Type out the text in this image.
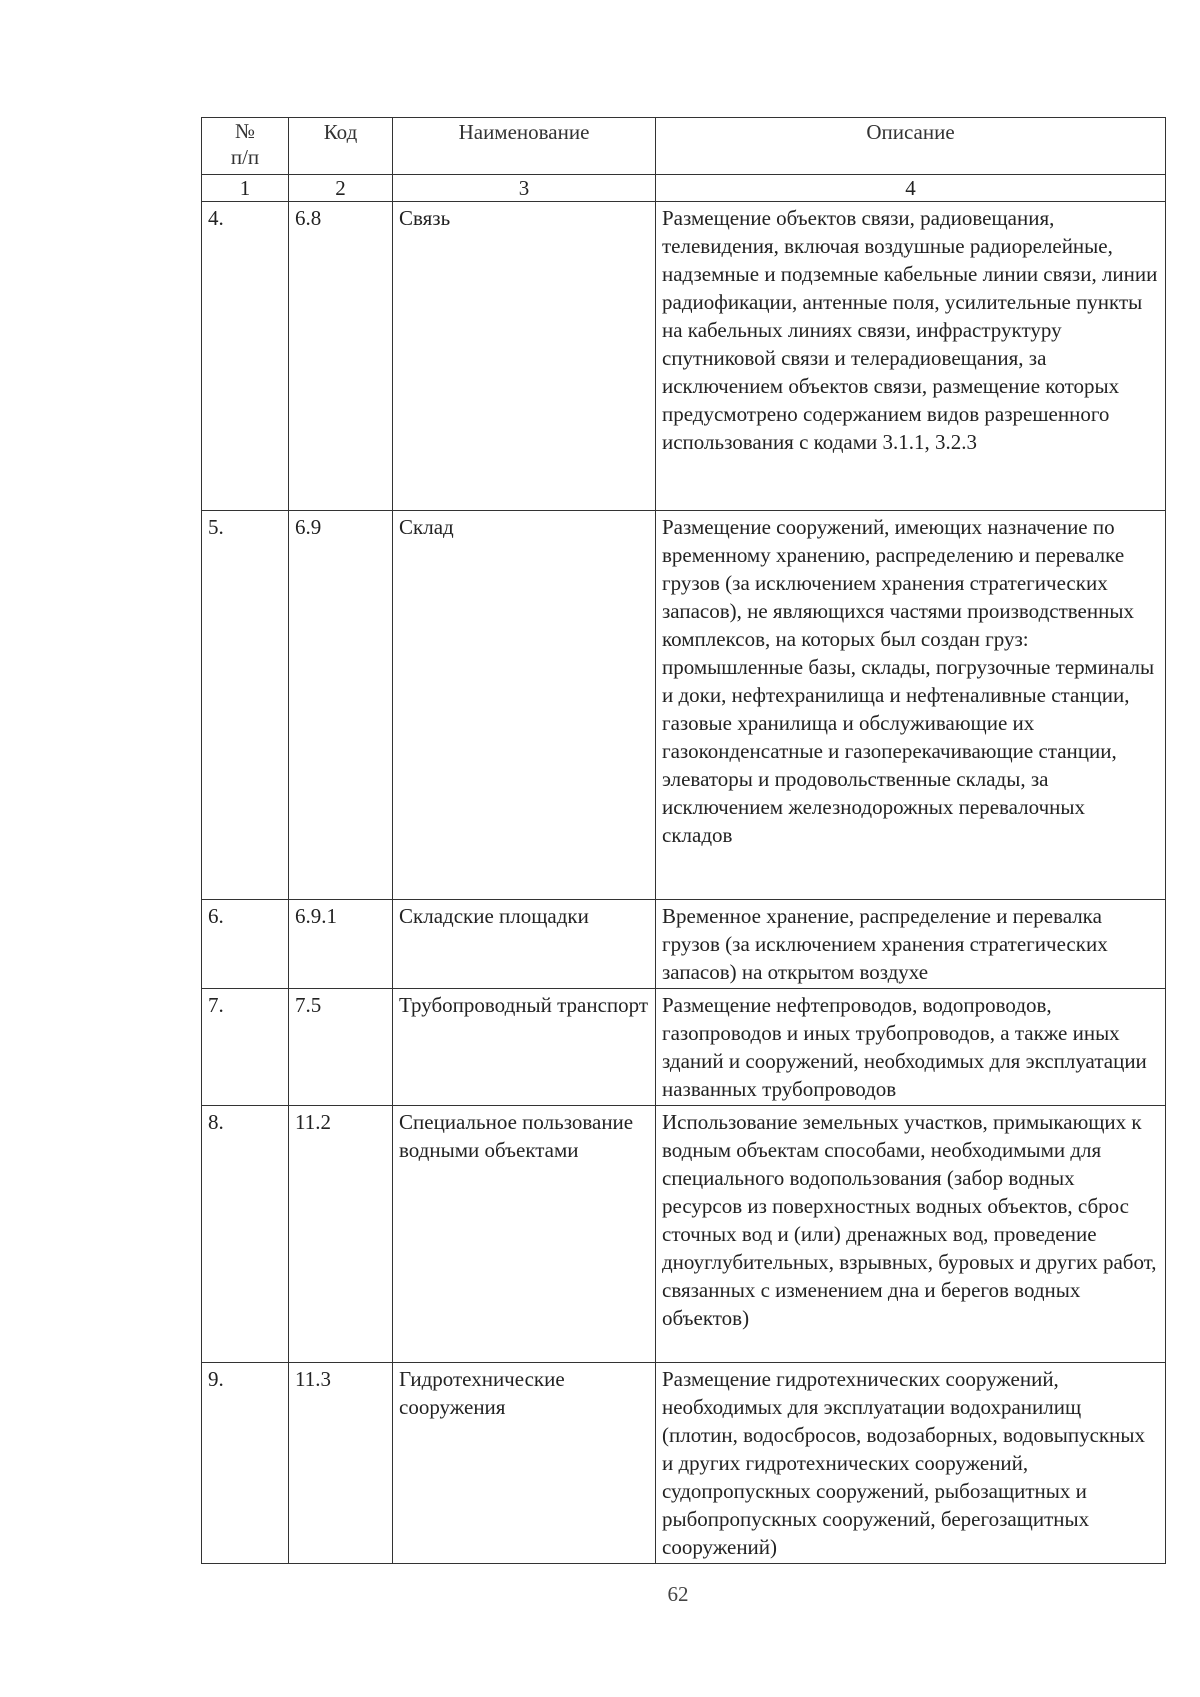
№
п/п	Код	Наименование	Описание
1	2	3	4
4.	6.8	Связь	Размещение объектов связи, радиовещания, телевидения, включая воздушные радиорелейные, надземные и подземные кабельные линии связи, линии радиофикации, антенные поля, усилительные пункты на кабельных линиях связи, инфраструктуру спутниковой связи и телерадиовещания, за исключением объектов связи, размещение которых предусмотрено содержанием видов разрешенного использования с кодами 3.1.1, 3.2.3
5.	6.9	Склад	Размещение сооружений, имеющих назначение по временному хранению, распределению и перевалке грузов (за исключением хранения стратегических запасов), не являющихся частями производственных комплексов, на которых был создан груз: промышленные базы, склады, погрузочные терминалы и доки, нефтехранилища и нефтеналивные станции, газовые хранилища и обслуживающие их газоконденсатные и газоперекачивающие станции, элеваторы и продовольственные склады, за исключением железнодорожных перевалочных складов
6.	6.9.1	Складские площадки	Временное хранение, распределение и перевалка грузов (за исключением хранения стратегических запасов) на открытом воздухе
7.	7.5	Трубопроводный транспорт	Размещение нефтепроводов, водопроводов, газопроводов и иных трубопроводов, а также иных зданий и сооружений, необходимых для эксплуатации названных трубопроводов
8.	11.2	Специальное пользование водными объектами	Использование земельных участков, примыкающих к водным объектам способами, необходимыми для специального водопользования (забор водных ресурсов из поверхностных водных объектов, сброс сточных вод и (или) дренажных вод, проведение дноуглубительных, взрывных, буровых и других работ, связанных с изменением дна и берегов водных объектов)
9.	11.3	Гидротехнические сооружения	Размещение гидротехнических сооружений, необходимых для эксплуатации водохранилищ (плотин, водосбросов, водозаборных, водовыпускных и других гидротехнических сооружений, судопропускных сооружений, рыбозащитных и рыбопропускных сооружений, берегозащитных сооружений)
62
